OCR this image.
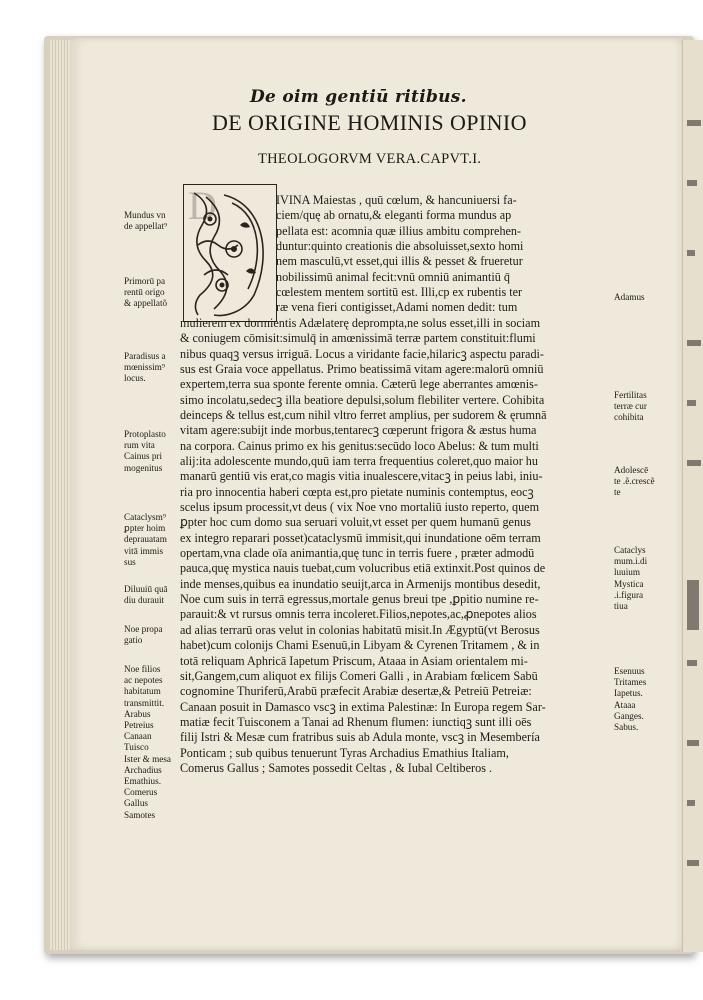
De oim gentiū ritibus.
DE ORIGINE HOMINIS OPINIO
THEOLOGORVM VERA.CAPVT.I.
D	IVINA Maiestas , quū cœlum, & hancuniuersi fa-
ciem/quę ab ornatu,& eleganti forma mundus ap
pellata est: acomnia quæ illius ambitu comprehen-
duntur:quinto creationis die absoluisset,sexto homi
nem masculū,vt esset,qui illis & pesset & frueretur
nobilissimū animal fecit:vnū omniū animantiū q̄
cœlestem mentem sortitū est. Illi,cp ex rubentis ter
ræ vena fieri contigisset,Adami nomen dedit: tum
mulierem ex dormientis Adælaterę deprompta,ne solus esset,illi in sociam
& coniugem cōmisit:simulq̄ in amœnissimā terræ partem constituit:flumi
nibus quaqꝫ versus irriguā. Locus a viridante facie,hilaricꝫ aspectu paradi-
sus est Graia voce appellatus. Primo beatissimā vitam agere:malorū omniū
expertem,terra sua sponte ferente omnia. Cæterū lege aberrantes amœnis-
simo incolatu,sedecꝫ illa beatiore depulsi,solum flebiliter vertere. Cohibita
deinceps & tellus est,cum nihil vltro ferret amplius, per sudorem & ęrumnā
vitam agere:subijt inde morbus,tentarecꝫ cœperunt frigora & æstus huma
na corpora. Cainus primo ex his genitus:secūdo loco Abelus: & tum multi
alij:ita adolescente mundo,quū iam terra frequentius coleret,quo maior hu
manarū gentiū vis erat,co magis vitia inualescere,vitacꝫ in peius labi, iniu-
ria pro innocentia haberi cœpta est,pro pietate numinis contemptus, eocꝫ
scelus ipsum processit,vt deus ( vix Noe vno mortaliū iusto reperto, quem
ꝑpter hoc cum domo sua seruari voluit,vt esset per quem humanū genus
ex integro reparari posset)cataclysmū immisit,qui inundatione oēm terram
opertam,vna clade oīa animantia,quę tunc in terris fuere , præter admodū
pauca,quę mystica nauis tuebat,cum volucribus etiā extinxit.Post quinos de
inde menses,quibus ea inundatio seuijt,arca in Armenijs montibus desedit,
Noe cum suis in terrā egressus,mortale genus breui tpe ,ꝑpitio numine re-
parauit:& vt rursus omnis terra incoleret.Filios,nepotes,ac,ꝓnepotes alios
ad alias terrarū oras velut in colonias habitatū misit.In Ægyptū(vt Berosus
habet)cum colonijs Chami Esenuū,in Libyam & Cyrenen Tritamem , & in
totā reliquam Aphricā Iapetum Priscum, Ataaa in Asiam orientalem mi-
sit,Gangem,cum aliquot ex filijs Comeri Galli , in Arabiam fœlicem Sabū
cognomine Thuriferū,Arabū præfecit Arabiæ desertæ,& Petreiū Petreiæ:
Canaan posuit in Damasco vscꝫ in extima Palestinæ: In Europa regem Sar-
matiæ fecit Tuisconem a Tanai ad Rhenum flumen: iunctiqꝫ sunt illi oēs
filij Istri & Mesæ cum fratribus suis ab Adula monte, vscꝫ in Mesembería
Ponticam ; sub quibus tenuerunt Tyras Archadius Emathius Italiam,
Comerus Gallus ; Samotes possedit Celtas , & Iubal Celtiberos .
Mundus vn
de appellat⁹
Primorū pa
rentū origo
& appellatõ
Paradisus a
mœnissim⁹
locus.
Protoplasto
rum vita
Cainus pri
mogenitus
Cataclysm⁹
ꝑpter hoim
deprauatam
vitā immis
sus
Diluuiū quā
diu durauit
Noe propa
gatio
Noe filios
ac nepotes
habitatum
transmittit.
Arabus
Petreius
Canaan
Tuisco
Ister & mesa
Archadius
Emathius.
Comerus
Gallus
Samotes
Adamus
Fertilitas
terræ cur
cohibita
Adolescē
te .ẽ.crescẽ
te
Cataclys
mum.i.di
luuium
Mystica
.i.figura
tiua
Esenuus
Tritames
Iapetus.
Ataaa
Ganges.
Sabus.
